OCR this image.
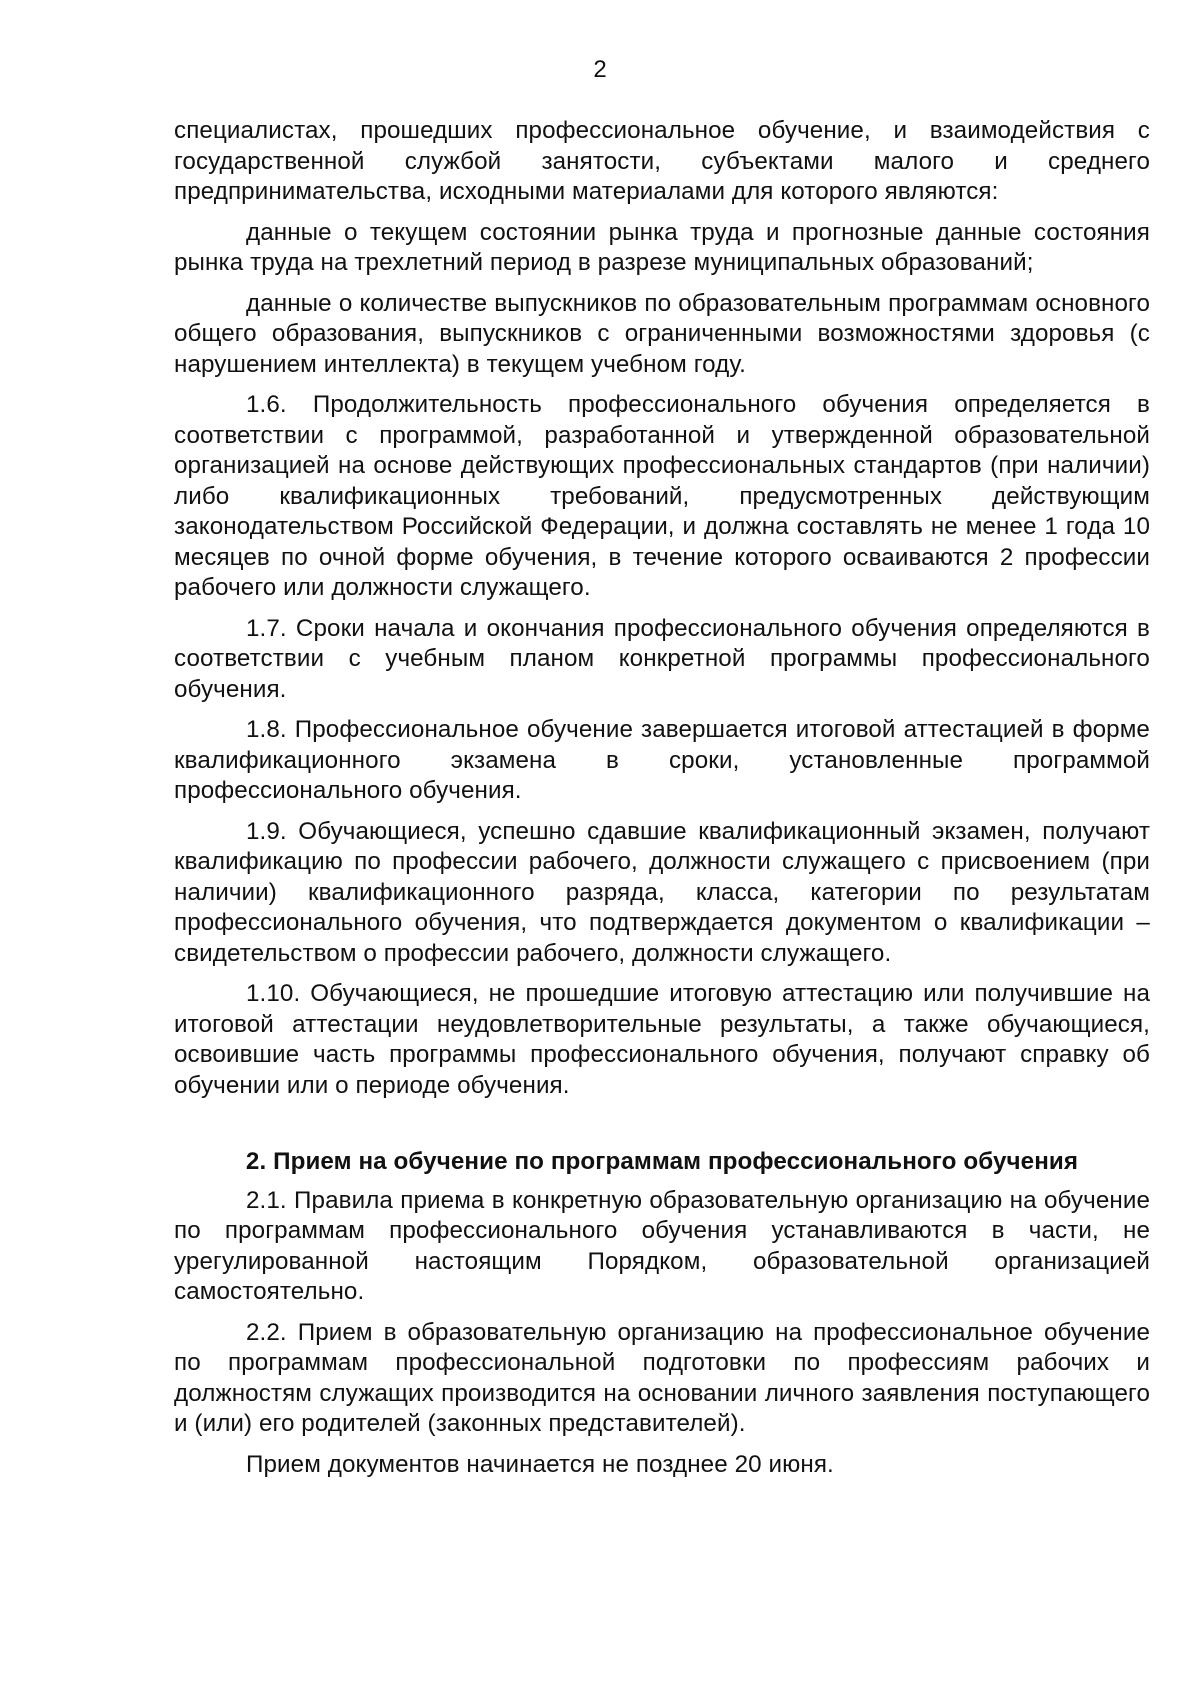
2

специалистах, прошедших профессиональное обучение, и взаимодействия с государственной службой занятости, субъектами малого и среднего предпринимательства, исходными материалами для которого являются:

данные о текущем состоянии рынка труда и прогнозные данные состояния рынка труда на трехлетний период в разрезе муниципальных образований;

данные о количестве выпускников по образовательным программам основного общего образования, выпускников с ограниченными возможностями здоровья (с нарушением интеллекта) в текущем учебном году.

1.6. Продолжительность профессионального обучения определяется в соответствии с программой, разработанной и утвержденной образовательной организацией на основе действующих профессиональных стандартов (при наличии) либо квалификационных требований, предусмотренных действующим законодательством Российской Федерации, и должна составлять не менее 1 года 10 месяцев по очной форме обучения, в течение которого осваиваются 2 профессии рабочего или должности служащего.

1.7. Сроки начала и окончания профессионального обучения определяются в соответствии с учебным планом конкретной программы профессионального обучения.

1.8. Профессиональное обучение завершается итоговой аттестацией в форме квалификационного экзамена в сроки, установленные программой профессионального обучения.

1.9. Обучающиеся, успешно сдавшие квалификационный экзамен, получают квалификацию по профессии рабочего, должности служащего с присвоением (при наличии) квалификационного разряда, класса, категории по результатам профессионального обучения, что подтверждается документом о квалификации – свидетельством о профессии рабочего, должности служащего.

1.10. Обучающиеся, не прошедшие итоговую аттестацию или получившие на итоговой аттестации неудовлетворительные результаты, а также обучающиеся, освоившие часть программы профессионального обучения, получают справку об обучении или о периоде обучения.

2. Прием на обучение по программам профессионального обучения

2.1. Правила приема в конкретную образовательную организацию на обучение по программам профессионального обучения устанавливаются в части, не урегулированной настоящим Порядком, образовательной организацией самостоятельно.

2.2. Прием в образовательную организацию на профессиональное обучение по программам профессиональной подготовки по профессиям рабочих и должностям служащих производится на основании личного заявления поступающего и (или) его родителей (законных представителей).

Прием документов начинается не позднее 20 июня.
